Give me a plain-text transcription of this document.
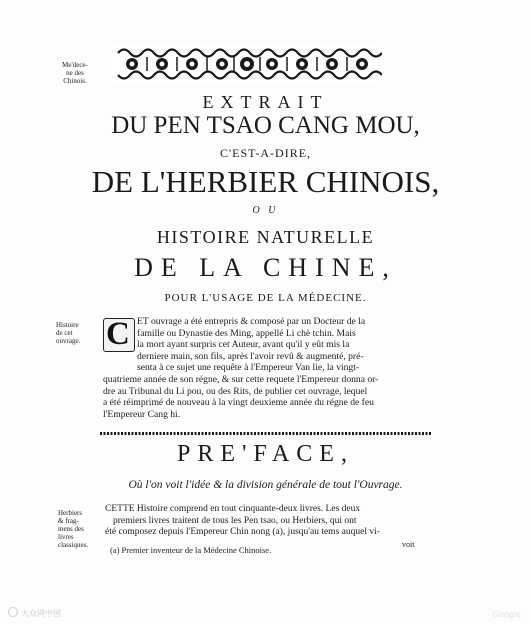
Me'dece-
ne des
Chinois.
EXTRAIT
DU PEN TSAO CANG MOU,
C'EST-A-DIRE,
DE L'HERBIER CHINOIS,
O U
HISTOIRE NATURELLE
DE LA CHINE,
POUR L'USAGE DE LA MÉDECINE.
Histoire
de cet
ouvrage. C ET ouvrage a été entrepris & composé par un Docteur de la
famille ou Dynastie des Ming, appellé Li chè tchin. Mais
la mort ayant surpris cet Auteur, avant qu'il y eût mis la
derniere main, son fils, après l'avoir revû & augmenté, pré-
senta à ce sujet une requête à l'Empereur Van lie, la vingt-
quatrieme année de son régne, & sur cette requete l'Empereur donna or-
dre au Tribunal du Li pou, ou des Rits, de publier cet ouvrage, lequel
a été réimprimé de nouveau à la vingt deuxieme année du régne de feu
l'Empereur Cang hi.
PRE'FACE,
Où l'on voit l'idée & la division générale de tout l'Ouvrage.
Herbiers
& frag-
mens des
livres
classiques.
CETTE Histoire comprend en tout cinquante-deux livres. Les deux
premiers livres traitent de tous les Pen tsao, ou Herbiers, qui ont
été composez depuis l'Empereur Chin nong (a), jusqu'au tems auquel vi-
voit
(a) Premier inventeur de la Médecine Chinoise.
大众网中国	Google
